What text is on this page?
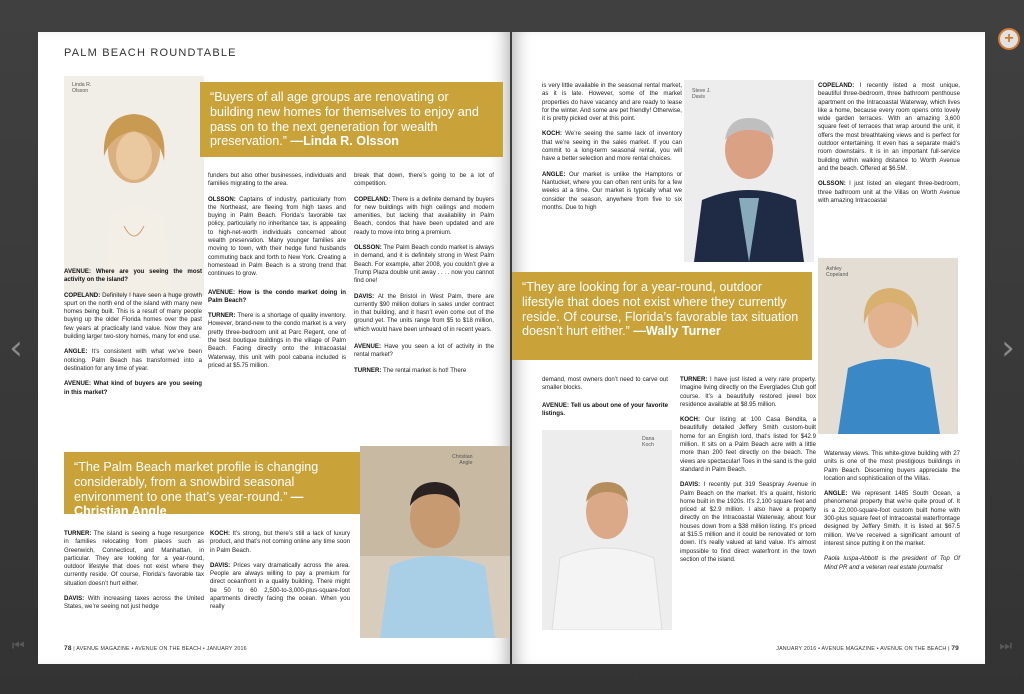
‹	›
⏮	⏭
+
PALM BEACH ROUNDTABLE
Linda R.
Olsson	“Buyers of all age groups are renovating or building new homes for themselves to enjoy and pass on to the next generation for wealth preservation.” —Linda R. Olsson

AVENUE: Where are you seeing the most activity on the island?

COPELAND: Definitely I have seen a huge growth spurt on the north end of the island with many new homes being built. This is a result of many people buying up the older Florida homes over the past few years at practically land value. Now they are building larger two-story homes, many for end use.

ANGLE: It’s consistent with what we’ve been noticing. Palm Beach has transformed into a destination for any time of year.

AVENUE: What kind of buyers are you seeing in this market?

funders but also other businesses, individuals and families migrating to the area.

OLSSON: Captains of industry, particularly from the Northeast, are fleeing from high taxes and buying in Palm Beach. Florida’s favorable tax policy, particularly no inheritance tax, is appealing to high-net-worth individuals concerned about wealth preservation. Many younger families are moving to town, with their hedge fund husbands commuting back and forth to New York. Creating a homestead in Palm Beach is a strong trend that continues to grow.

AVENUE: How is the condo market doing in Palm Beach?

TURNER: There is a shortage of quality inventory. However, brand-new to the condo market is a very pretty three-bedroom unit at Parc Regent, one of the best boutique buildings in the village of Palm Beach. Facing directly onto the Intracoastal Waterway, this unit with pool cabana included is priced at $5.75 million.

break that down, there’s going to be a lot of competition.

COPELAND: There is a definite demand by buyers for new buildings with high ceilings and modern amenities, but lacking that availability in Palm Beach, condos that have been updated and are ready to move into bring a premium.

OLSSON: The Palm Beach condo market is always in demand, and it is definitely strong in West Palm Beach. For example, after 2008, you couldn’t give a Trump Plaza double unit away . . . . now you cannot find one!

DAVIS: At the Bristol in West Palm, there are currently $90 million dollars in sales under contract in that building, and it hasn’t even come out of the ground yet. The units range from $5 to $18 million, which would have been unheard of in recent years.

AVENUE: Have you seen a lot of activity in the rental market?

TURNER: The rental market is hot! There

“The Palm Beach market profile is changing considerably, from a snowbird seasonal environment to one that’s year-round.” —Christian Angle
Christian
Angle

TURNER: The island is seeing a huge resurgence in families relocating from places such as Greenwich, Connecticut, and Manhattan, in particular. They are looking for a year-round, outdoor lifestyle that does not exist where they currently reside. Of course, Florida’s favorable tax situation doesn’t hurt either.

DAVIS: With increasing taxes across the United States, we’re seeing not just hedge

KOCH: It’s strong, but there’s still a lack of luxury product, and that’s not coming online any time soon in Palm Beach.

DAVIS: Prices vary dramatically across the area. People are always willing to pay a premium for direct oceanfront in a quality building. There might be 50 to 60 2,500-to-3,000-plus-square-foot apartments directly facing the ocean. When you really

78 | AVENUE MAGAZINE • AVENUE ON THE BEACH • JANUARY 2016

is very little available in the seasonal rental market, as it is late. However, some of the market properties do have vacancy and are ready to lease for the winter. And some are pet friendly! Otherwise, it is pretty picked over at this point.

KOCH: We’re seeing the same lack of inventory that we’re seeing in the sales market. If you can commit to a long-term seasonal rental, you will have a better selection and more rental choices.

ANGLE: Our market is unlike the Hamptons or Nantucket, where you can often rent units for a few weeks at a time. Our market is typically what we consider the season, anywhere from five to six months. Due to high

Steve J.
Davis

COPELAND: I recently listed a most unique, beautiful three-bedroom, three bathroom penthouse apartment on the Intracoastal Waterway, which lives like a home, because every room opens onto lovely wide garden terraces. With an amazing 3,600 square feet of terraces that wrap around the unit, it offers the most breathtaking views and is perfect for outdoor entertaining. It even has a separate maid’s room downstairs. It is in an important full-service building within walking distance to Worth Avenue and the beach. Offered at $6.5M.

OLSSON: I just listed an elegant three-bedroom, three bathroom unit at the Villas on Worth Avenue with amazing Intracoastal

“They are looking for a year-round, outdoor lifestyle that does not exist where they currently reside. Of course, Florida’s favorable tax situation doesn’t hurt either.” —Wally Turner
Ashley
Copeland

demand, most owners don’t need to carve out smaller blocks.

AVENUE: Tell us about one of your favorite listings.

Dana
Koch

TURNER: I have just listed a very rare property. Imagine living directly on the Everglades Club golf course. It’s a beautifully restored jewel box residence available at $8.95 million.

KOCH: Our listing at 100 Casa Bendita, a beautifully detailed Jeffery Smith custom-built home for an English lord, that’s listed for $42.9 million. It sits on a Palm Beach acre with a little more than 200 feet directly on the beach. The views are spectacular! Toes in the sand is the gold standard in Palm Beach.

DAVIS: I recently put 319 Seaspray Avenue in Palm Beach on the market. It’s a quaint, historic home built in the 1920s. It’s 2,100 square feet and priced at $2.9 million. I also have a property directly on the Intracoastal Waterway, about four houses down from a $38 million listing. It’s priced at $15.5 million and it could be renovated or torn down. It’s really valued at land value. It’s almost impossible to find direct waterfront in the town section of the island.

Waterway views. This white-glove building with 27 units is one of the most prestigious buildings in Palm Beach. Discerning buyers appreciate the location and sophistication of the Villas.

ANGLE: We represent 1485 South Ocean, a phenomenal property that we’re quite proud of. It is a 22,000-square-foot custom built home with 300-plus square feet of Intracoastal waterfrontage designed by Jeffery Smith. It is listed at $67.5 million. We’ve received a significant amount of interest since putting it on the market.

Paola Iuspa-Abbott is the president of Top Of Mind PR and a veteran real estate journalist

JANUARY 2016 • AVENUE MAGAZINE • AVENUE ON THE BEACH | 79
